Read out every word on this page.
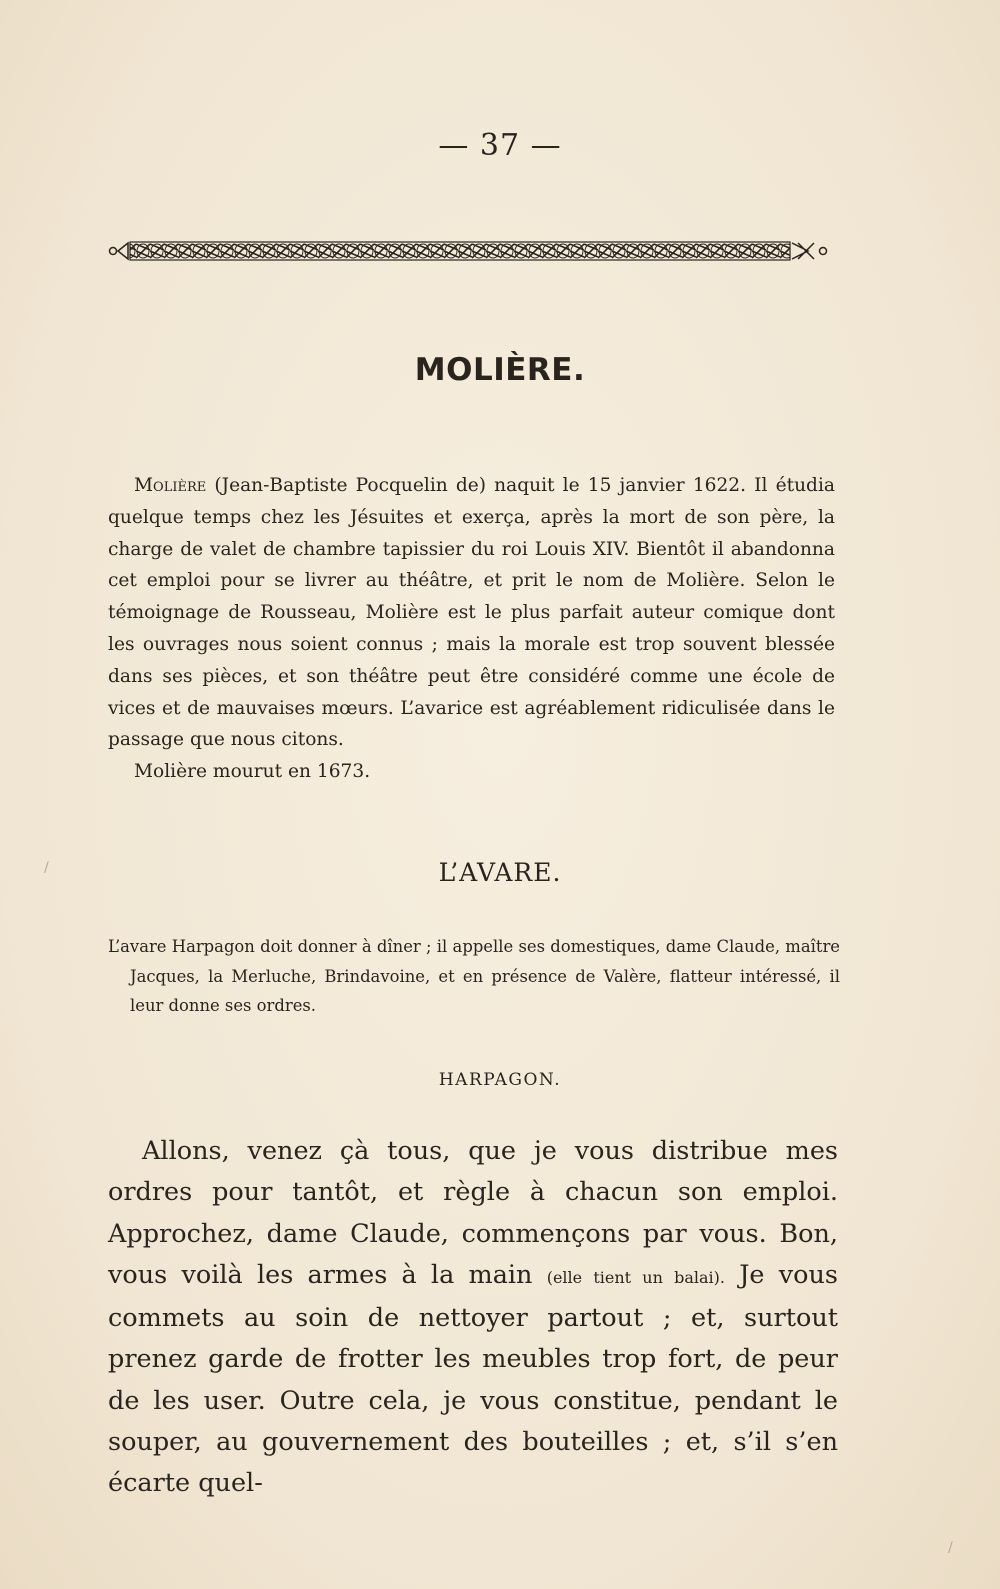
— 37 —
MOLIÈRE.

Molière (Jean-Baptiste Pocquelin de) naquit le 15 janvier 1622. Il étudia quelque temps chez les Jésuites et exerça, après la mort de son père, la charge de valet de chambre tapissier du roi Louis XIV. Bientôt il abandonna cet emploi pour se livrer au théâtre, et prit le nom de Molière. Selon le témoignage de Rousseau, Molière est le plus parfait auteur comique dont les ouvrages nous soient connus ; mais la morale est trop souvent blessée dans ses pièces, et son théâtre peut être considéré comme une école de vices et de mauvaises mœurs. L’avarice est agréablement ridiculisée dans le passage que nous citons.

Molière mourut en 1673.

L’AVARE.

L’avare Harpagon doit donner à dîner ; il appelle ses domestiques, dame Claude, maître Jacques, la Merluche, Brindavoine, et en présence de Valère, flatteur intéressé, il leur donne ses ordres.

HARPAGON.

Allons, venez çà tous, que je vous distribue mes ordres pour tantôt, et règle à chacun son emploi. Approchez, dame Claude, commençons par vous. Bon, vous voilà les armes à la main (elle tient un balai). Je vous commets au soin de nettoyer partout ; et, surtout prenez garde de frotter les meubles trop fort, de peur de les user. Outre cela, je vous constitue, pendant le souper, au gouvernement des bouteilles ; et, s’il s’en écarte quel-

/
/
